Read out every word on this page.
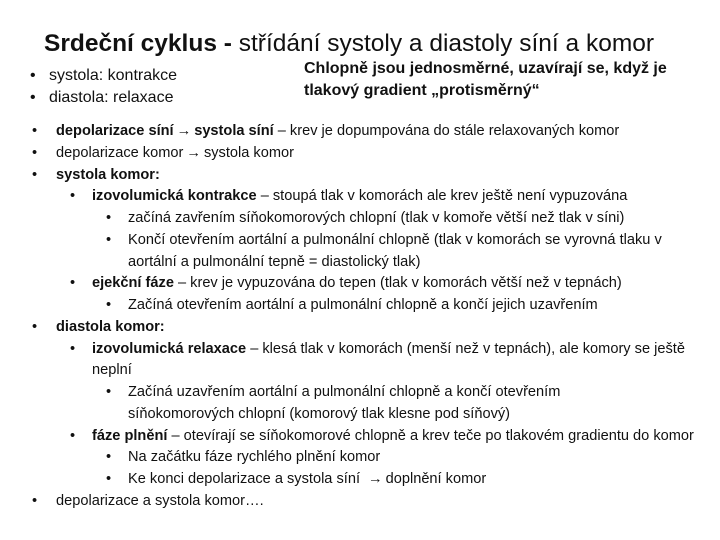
Srdeční cyklus - střídání systoly a diastoly síní a komor
• systola: kontrakce
• diastola: relaxace
Chlopně jsou jednosměrné, uzavírají se, když je tlakový gradient „protisměrný“
• depolarizace síní → systola síní – krev je dopumpována do stále relaxovaných komor
• depolarizace komor → systola komor
• systola komor:
• izovolumická kontrakce – stoupá tlak v komorách ale krev ještě není vypuzována
• začíná zavřením síňokomorových chlopní (tlak v komoře větší než tlak v síni)
• Končí otevřením aortální a pulmonální chlopně (tlak v komorách se vyrovná tlaku v aortální a pulmonální tepně = diastolický tlak)
• ejekční fáze – krev je vypuzována do tepen (tlak v komorách větší než v tepnách)
• Začíná otevřením aortální a pulmonální chlopně a končí jejich uzavřením
• diastola komor:
• izovolumická relaxace – klesá tlak v komorách (menší než v tepnách), ale komory se ještě neplní
• Začíná uzavřením aortální a pulmonální chlopně a končí otevřením síňokomorových chlopní (komorový tlak klesne pod síňový)
• fáze plnění – otevírají se síňokomorové chlopně a krev teče po tlakovém gradientu do komor
• Na začátku fáze rychlého plnění komor
• Ke konci depolarizace a systola síní → doplnění komor
• depolarizace a systola komor….
